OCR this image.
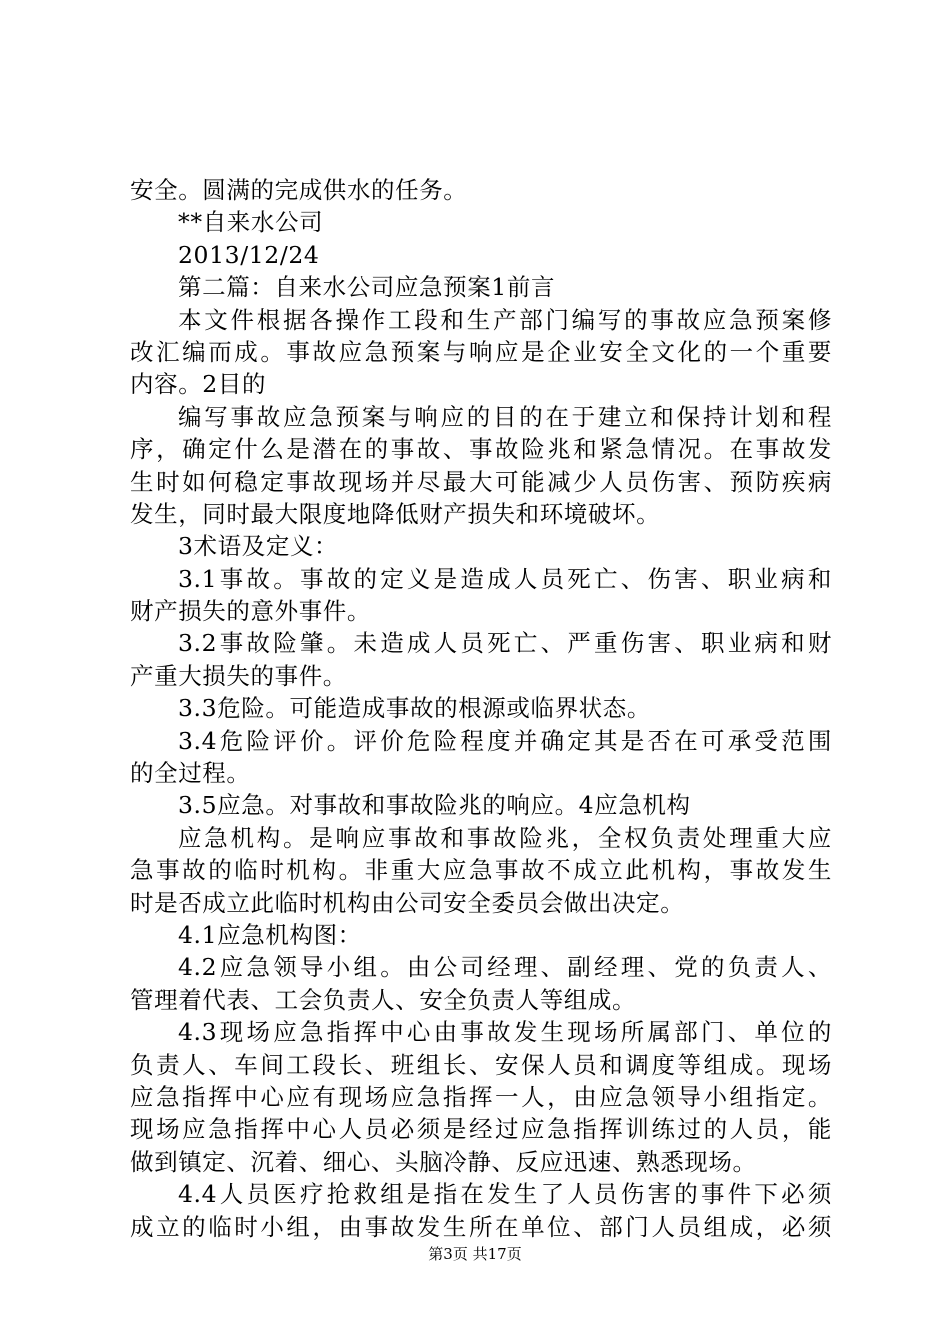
安全。圆满的完成供水的任务。
**自来水公司
2013/12/24
第二篇：自来水公司应急预案1前言
本文件根据各操作工段和生产部门编写的事故应急预案修
改汇编而成。事故应急预案与响应是企业安全文化的一个重要
内容。2目的
编写事故应急预案与响应的目的在于建立和保持计划和程
序，确定什么是潜在的事故、事故险兆和紧急情况。在事故发
生时如何稳定事故现场并尽最大可能减少人员伤害、预防疾病
发生，同时最大限度地降低财产损失和环境破坏。
3术语及定义：
3.1事故。事故的定义是造成人员死亡、伤害、职业病和
财产损失的意外事件。
3.2事故险肇。未造成人员死亡、严重伤害、职业病和财
产重大损失的事件。
3.3危险。可能造成事故的根源或临界状态。
3.4危险评价。评价危险程度并确定其是否在可承受范围
的全过程。
3.5应急。对事故和事故险兆的响应。4应急机构
应急机构。是响应事故和事故险兆，全权负责处理重大应
急事故的临时机构。非重大应急事故不成立此机构，事故发生
时是否成立此临时机构由公司安全委员会做出决定。
4.1应急机构图：
4.2应急领导小组。由公司经理、副经理、党的负责人、
管理着代表、工会负责人、安全负责人等组成。
4.3现场应急指挥中心由事故发生现场所属部门、单位的
负责人、车间工段长、班组长、安保人员和调度等组成。现场
应急指挥中心应有现场应急指挥一人，由应急领导小组指定。
现场应急指挥中心人员必须是经过应急指挥训练过的人员，能
做到镇定、沉着、细心、头脑冷静、反应迅速、熟悉现场。
4.4人员医疗抢救组是指在发生了人员伤害的事件下必须
成立的临时小组，由事故发生所在单位、部门人员组成，必须
第3页 共17页
